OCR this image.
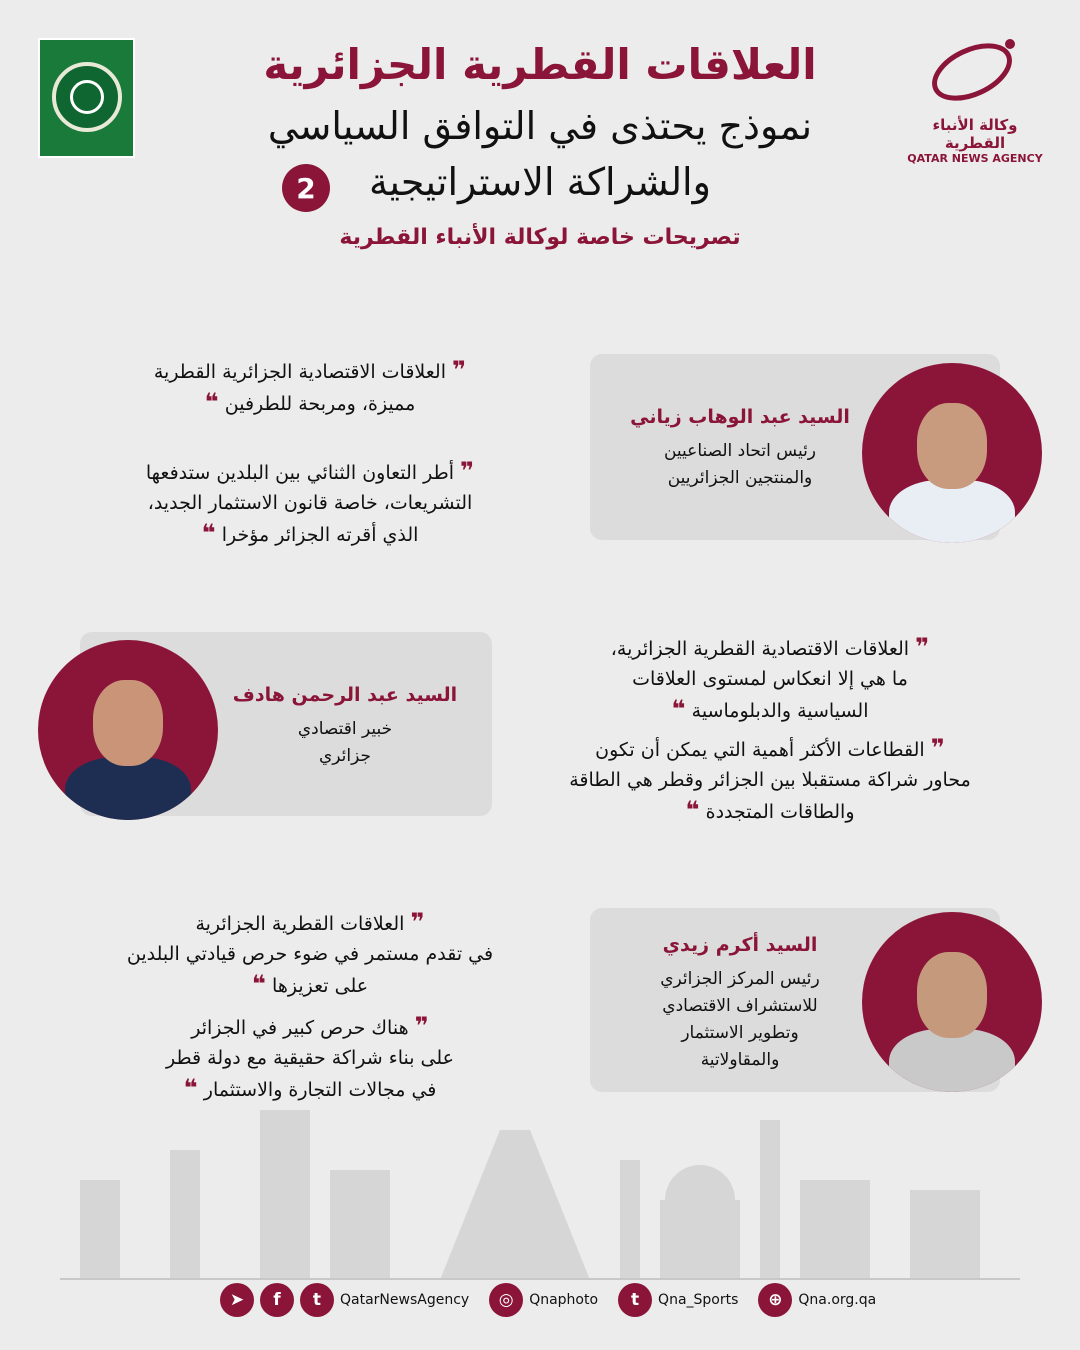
وكالة الأنباء القطرية
QATAR NEWS AGENCY
العلاقات القطرية الجزائرية
نموذج يحتذى في التوافق السياسي
والشراكة الاستراتيجية
2
تصريحات خاصة لوكالة الأنباء القطرية
السيد عبد الوهاب زياني
رئيس اتحاد الصناعيين
والمنتجين الجزائريين
❞ العلاقات الاقتصادية الجزائرية القطرية
مميزة، ومربحة للطرفين ❝
❞ أطر التعاون الثنائي بين البلدين ستدفعها
التشريعات، خاصة قانون الاستثمار الجديد،
الذي أقرته الجزائر مؤخرا ❝
السيد عبد الرحمن هادف
خبير اقتصادي
جزائري
❞ العلاقات الاقتصادية القطرية الجزائرية،
ما هي إلا انعكاس لمستوى العلاقات
السياسية والدبلوماسية ❝
❞ القطاعات الأكثر أهمية التي يمكن أن تكون
محاور شراكة مستقبلا بين الجزائر وقطر هي الطاقة
والطاقات المتجددة ❝
السيد أكرم زيدي
رئيس المركز الجزائري
للاستشراف الاقتصادي
وتطوير الاستثمار
والمقاولاتية
❞ العلاقات القطرية الجزائرية
في تقدم مستمر في ضوء حرص قيادتي البلدين
على تعزيزها ❝
❞ هناك حرص كبير في الجزائر
على بناء شراكة حقيقية مع دولة قطر
في مجالات التجارة والاستثمار ❝
➤	f	t	QatarNewsAgency	◎	Qnaphoto	t	Qna_Sports	⊕	Qna.org.qa
